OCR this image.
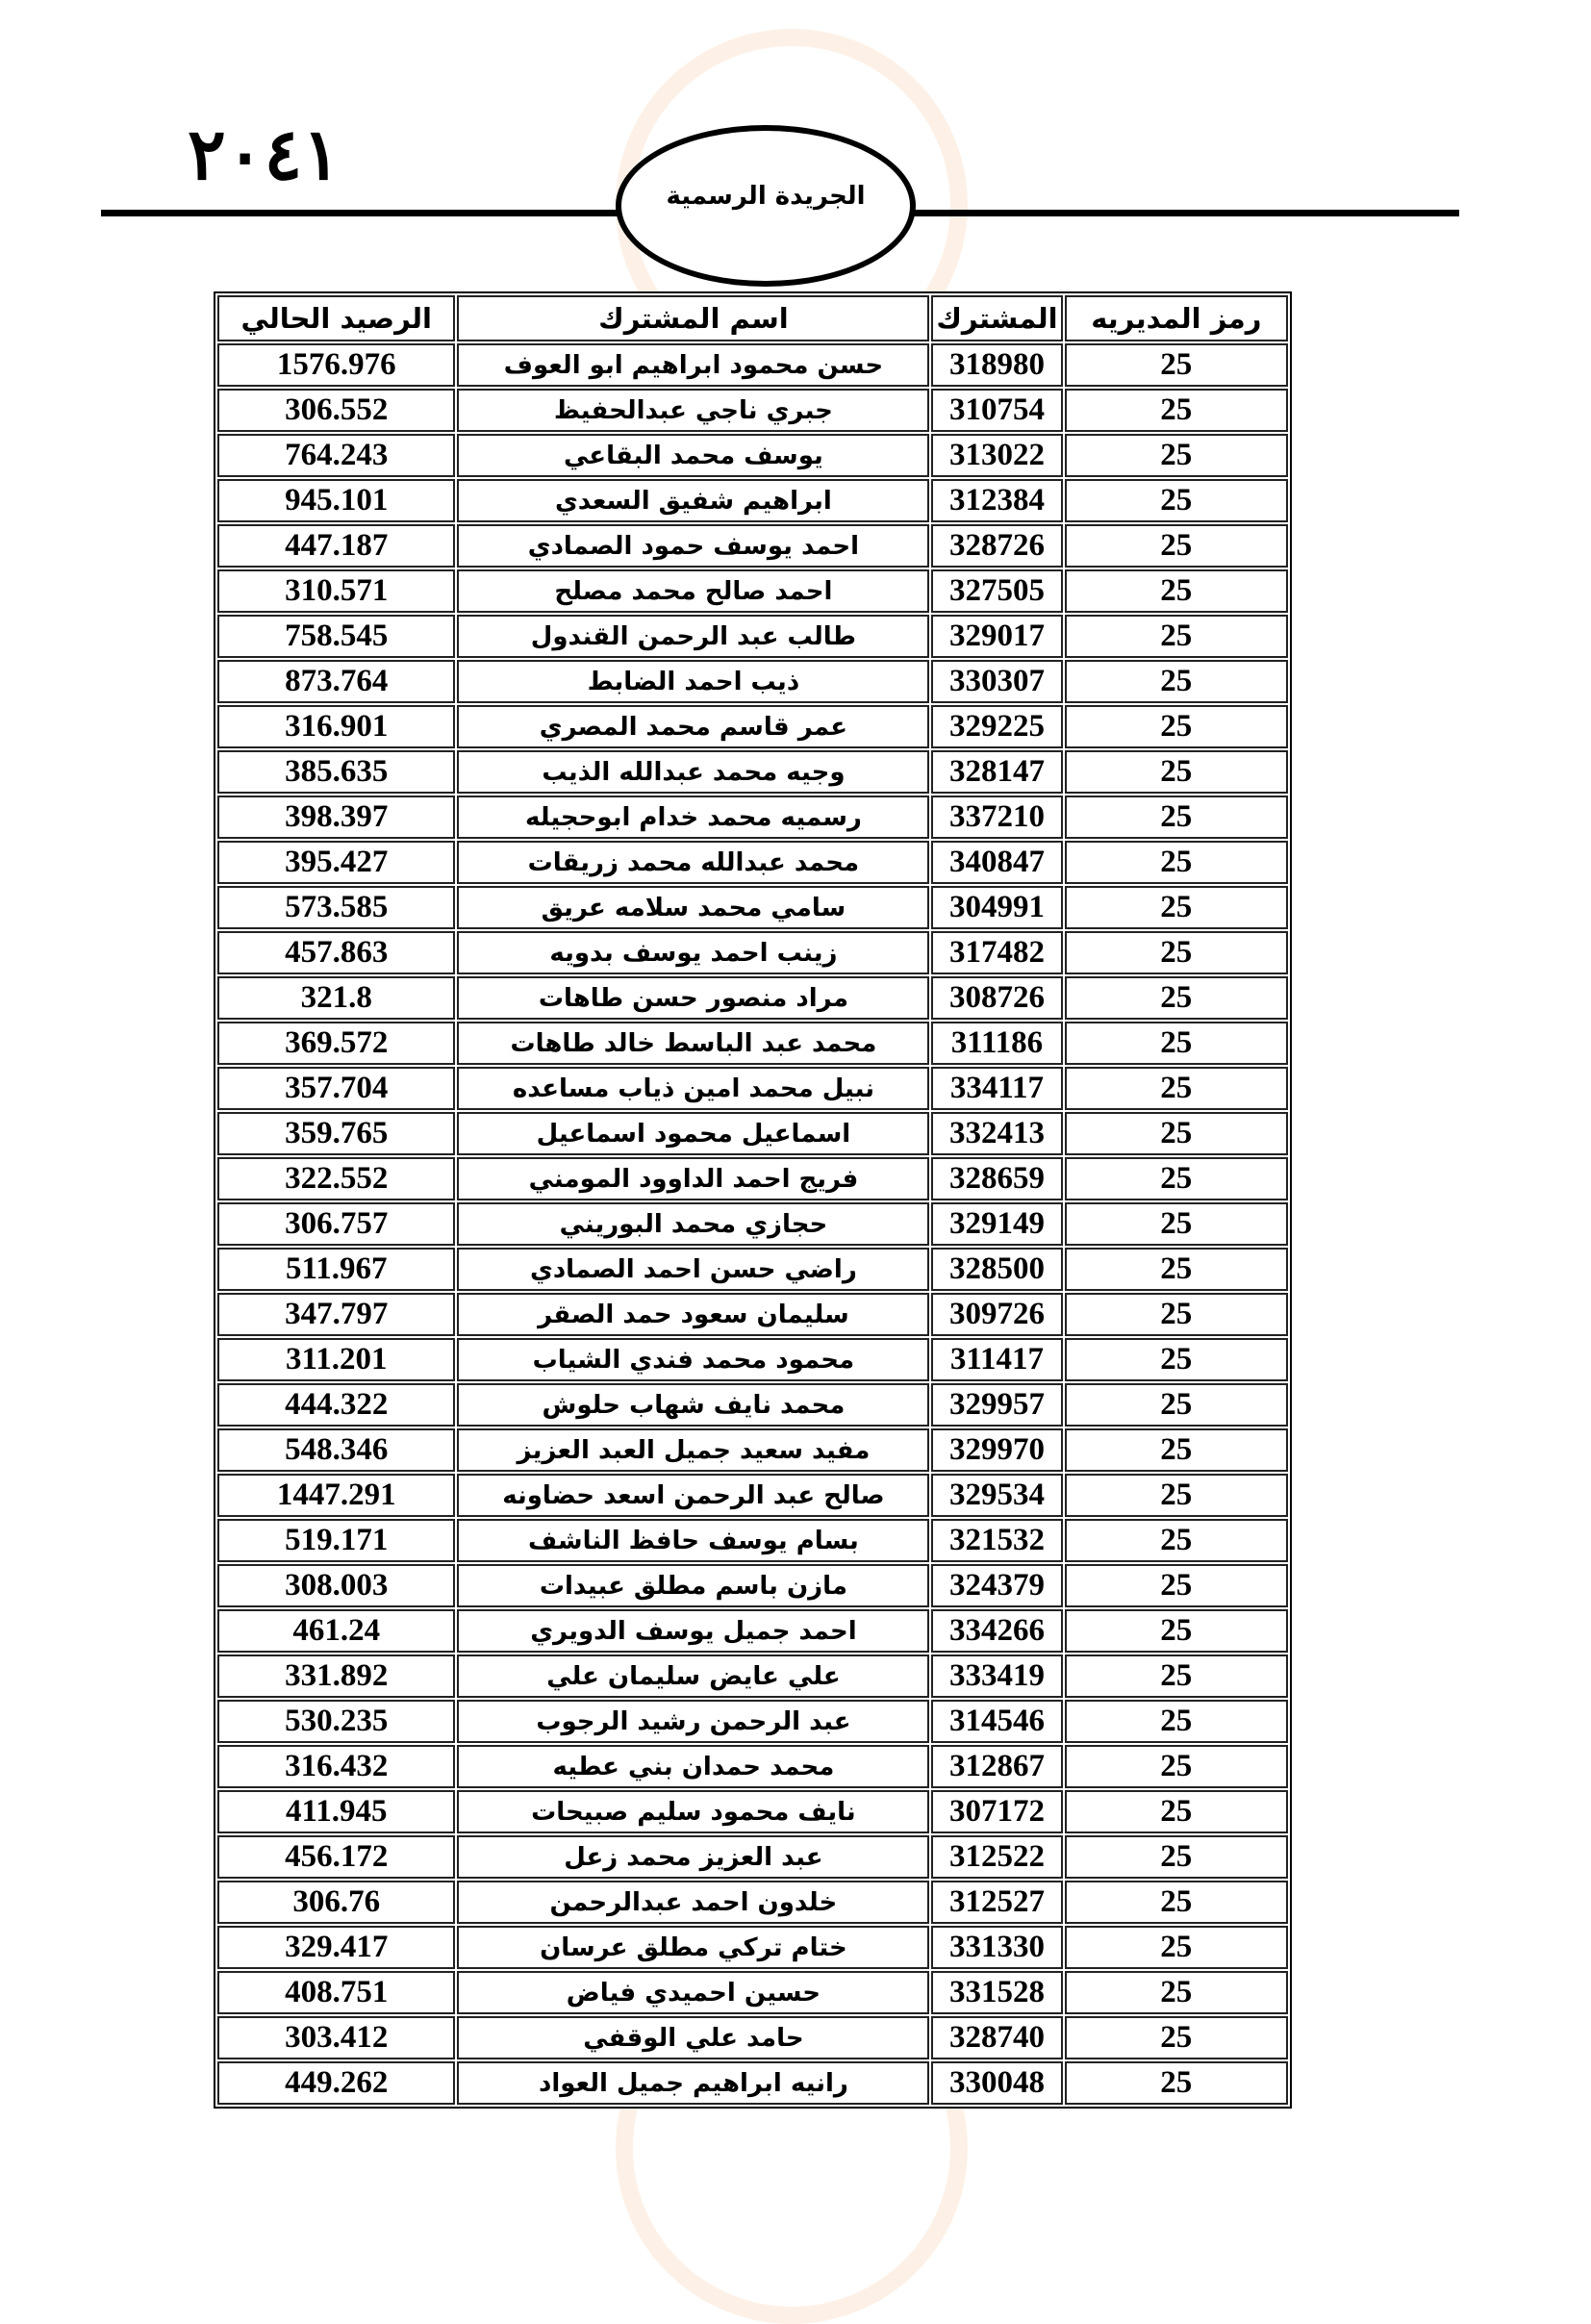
٢٠٤١	الجريدة الرسمية
رمز المديريه	المشترك	اسم المشترك	الرصيد الحالي
25	318980	حسن محمود ابراهيم ابو العوف	1576.976
25	310754	جبري ناجي عبدالحفيظ	306.552
25	313022	يوسف محمد البقاعي	764.243
25	312384	ابراهيم شفيق السعدي	945.101
25	328726	احمد يوسف حمود الصمادي	447.187
25	327505	احمد صالح محمد مصلح	310.571
25	329017	طالب عبد الرحمن القندول	758.545
25	330307	ذيب احمد الضابط	873.764
25	329225	عمر قاسم محمد المصري	316.901
25	328147	وجيه محمد عبدالله الذيب	385.635
25	337210	رسميه محمد خدام ابوحجيله	398.397
25	340847	محمد عبدالله محمد زريقات	395.427
25	304991	سامي محمد سلامه عريق	573.585
25	317482	زينب احمد يوسف بدويه	457.863
25	308726	مراد منصور حسن طاهات	321.8
25	311186	محمد عبد الباسط خالد طاهات	369.572
25	334117	نبيل محمد امين ذياب مساعده	357.704
25	332413	اسماعيل محمود اسماعيل	359.765
25	328659	فريج احمد الداوود المومني	322.552
25	329149	حجازي محمد البوريني	306.757
25	328500	راضي حسن احمد الصمادي	511.967
25	309726	سليمان سعود حمد الصقر	347.797
25	311417	محمود محمد فندي الشياب	311.201
25	329957	محمد نايف شهاب حلوش	444.322
25	329970	مفيد سعيد جميل العبد العزيز	548.346
25	329534	صالح عبد الرحمن اسعد حضاونه	1447.291
25	321532	بسام يوسف حافظ الناشف	519.171
25	324379	مازن باسم مطلق عبيدات	308.003
25	334266	احمد جميل يوسف الدويري	461.24
25	333419	علي عايض سليمان علي	331.892
25	314546	عبد الرحمن رشيد الرجوب	530.235
25	312867	محمد حمدان بني عطيه	316.432
25	307172	نايف محمود سليم صبيحات	411.945
25	312522	عبد العزيز محمد زعل	456.172
25	312527	خلدون احمد عبدالرحمن	306.76
25	331330	ختام تركي مطلق عرسان	329.417
25	331528	حسين احميدي فياض	408.751
25	328740	حامد علي الوقفي	303.412
25	330048	رانيه ابراهيم جميل العواد	449.262
